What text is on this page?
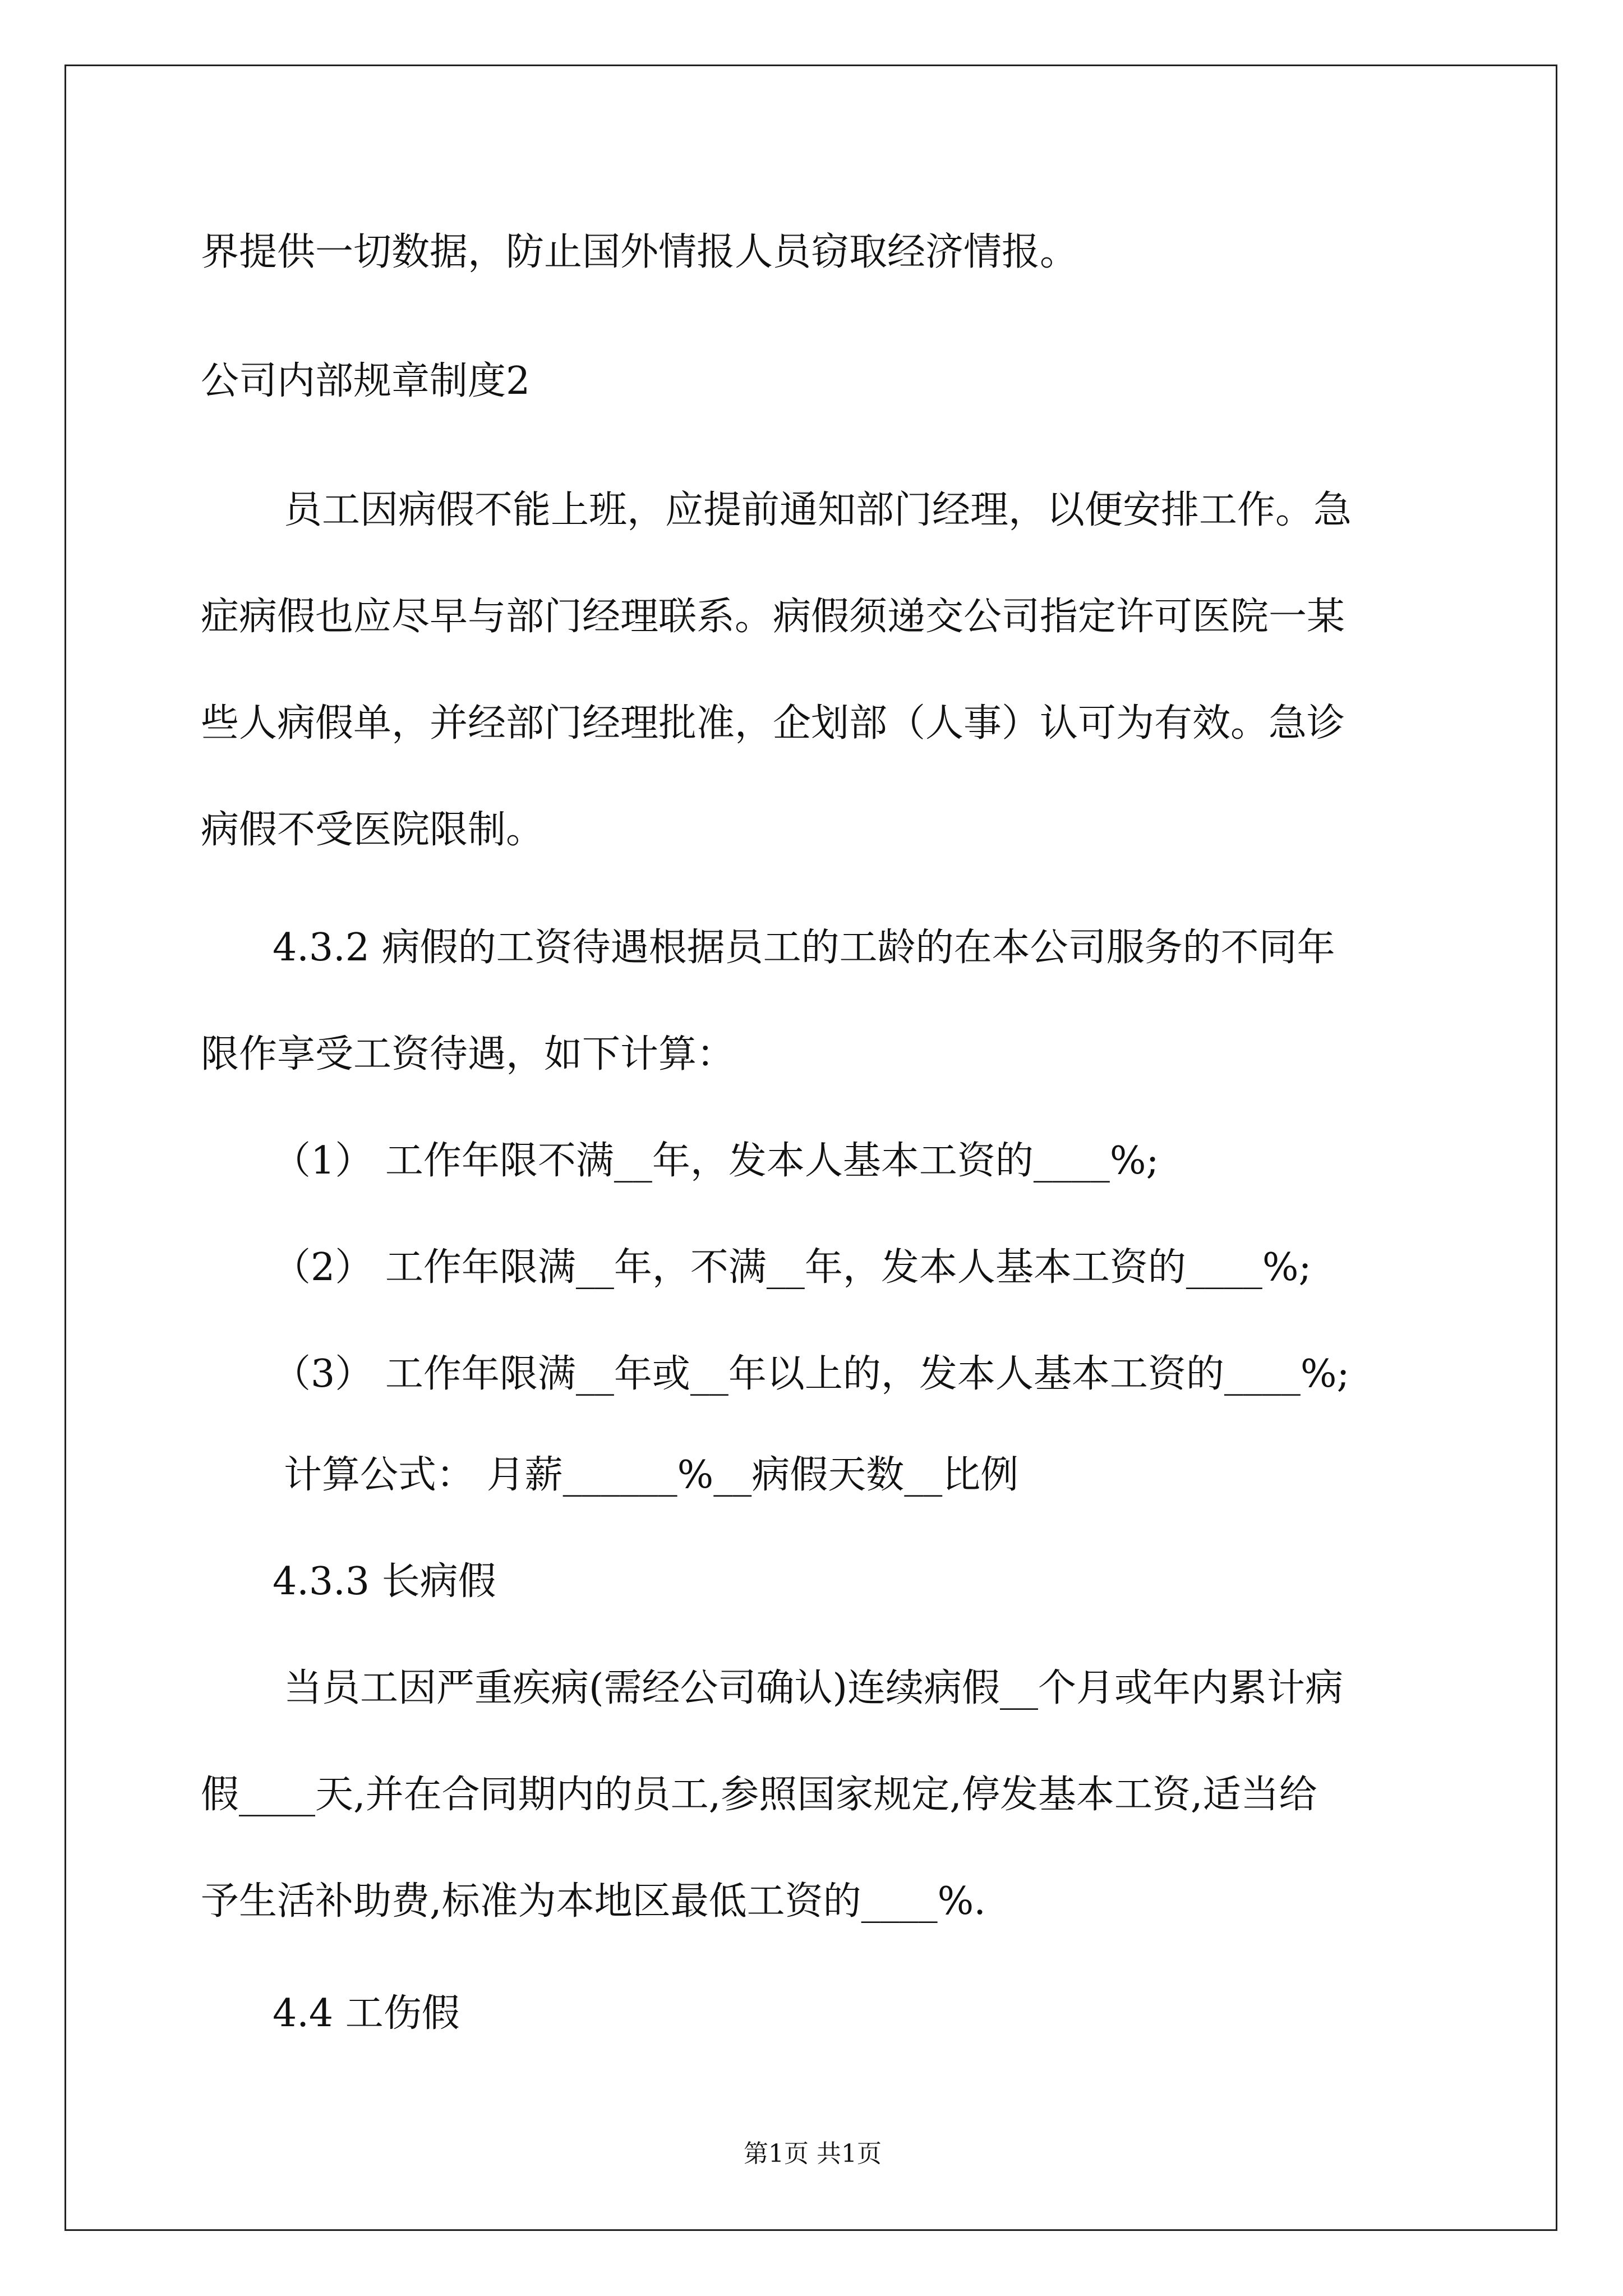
界提供一切数据，防止国外情报人员窃取经济情报。
公司内部规章制度2
员工因病假不能上班，应提前通知部门经理，以便安排工作。急
症病假也应尽早与部门经理联系。病假须递交公司指定许可医院一某
些人病假单，并经部门经理批准，企划部（人事）认可为有效。急诊
病假不受医院限制。
4.3.2 病假的工资待遇根据员工的工龄的在本公司服务的不同年
限作享受工资待遇，如下计算：
（1） 工作年限不满__年，发本人基本工资的____%;
（2） 工作年限满__年，不满__年，发本人基本工资的____%;
（3） 工作年限满__年或__年以上的，发本人基本工资的____%;
计算公式： 月薪______%__病假天数__比例
4.3.3 长病假
当员工因严重疾病(需经公司确认)连续病假__个月或年内累计病
假____天,并在合同期内的员工,参照国家规定,停发基本工资,适当给
予生活补助费,标准为本地区最低工资的____%.
4.4 工伤假
第1页 共1页
